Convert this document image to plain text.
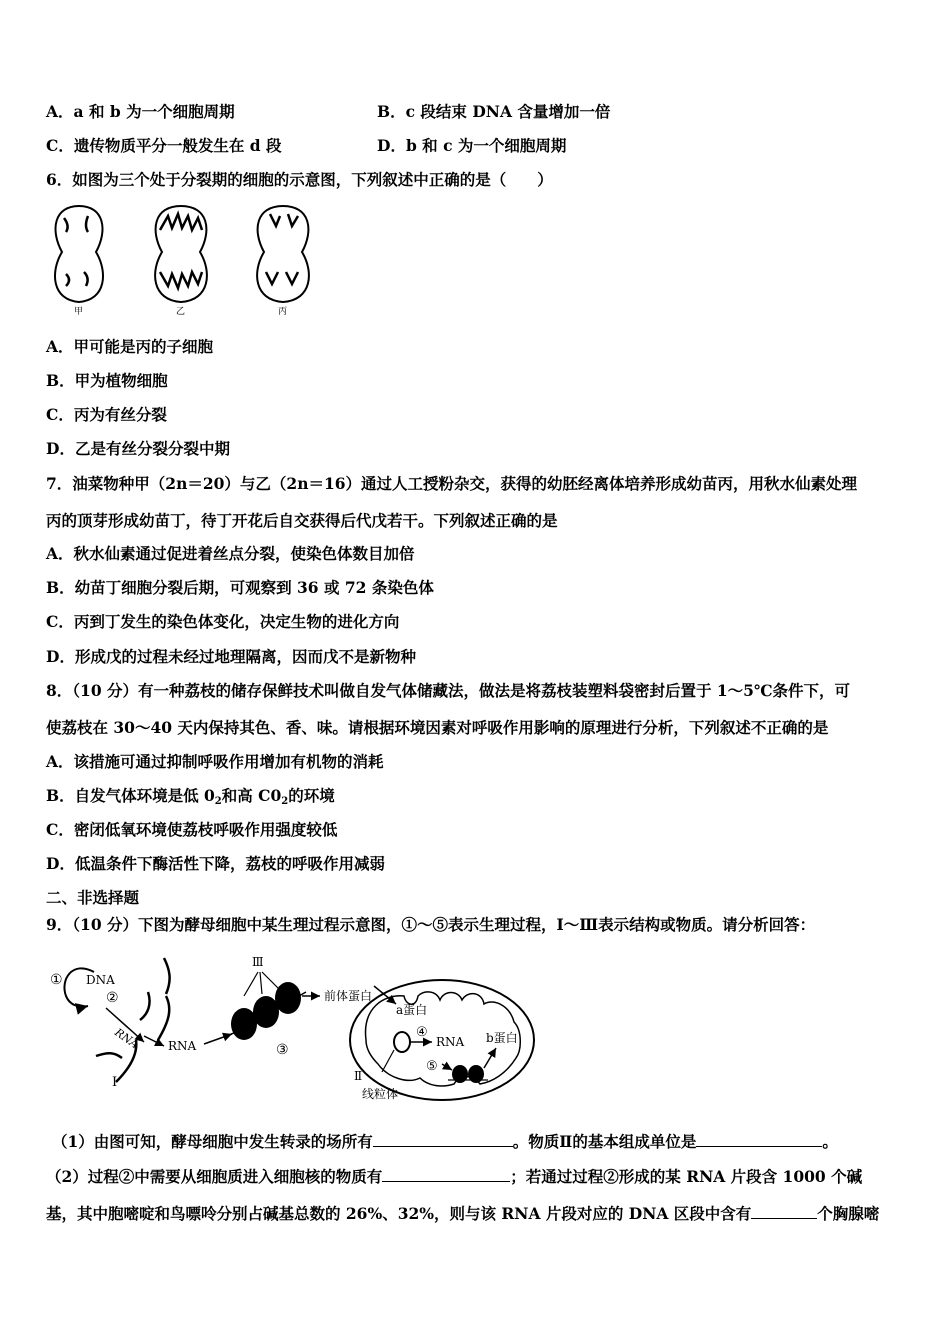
A．a 和 b 为一个细胞周期	B．c 段结束 DNA 含量增加一倍
C．遗传物质平分一般发生在 d 段	D．b 和 c 为一个细胞周期
6．如图为三个处于分裂期的细胞的示意图，下列叙述中正确的是（　　）
甲	乙	丙
A．甲可能是丙的子细胞
B．甲为植物细胞
C．丙为有丝分裂
D．乙是有丝分裂分裂中期
7．油菜物种甲（2n＝20）与乙（2n＝16）通过人工授粉杂交，获得的幼胚经离体培养形成幼苗丙，用秋水仙素处理
丙的顶芽形成幼苗丁，待丁开花后自交获得后代戊若干。下列叙述正确的是
A．秋水仙素通过促进着丝点分裂，使染色体数目加倍
B．幼苗丁细胞分裂后期，可观察到 36 或 72 条染色体
C．丙到丁发生的染色体变化，决定生物的进化方向
D．形成戊的过程未经过地理隔离，因而戊不是新物种
8．（10 分）有一种荔枝的储存保鲜技术叫做自发气体储藏法，做法是将荔枝装塑料袋密封后置于 1～5℃条件下，可
使荔枝在 30～40 天内保持其色、香、味。请根据环境因素对呼吸作用影响的原理进行分析，下列叙述不正确的是
A．该措施可通过抑制呼吸作用增加有机物的消耗
B．自发气体环境是低 $0_2$和高 $C0_2$的环境
C．密闭低氧环境使荔枝呼吸作用强度较低
D．低温条件下酶活性下降，荔枝的呼吸作用减弱
二、非选择题
9．（10 分）下图为酵母细胞中某生理过程示意图，①～⑤表示生理过程，Ⅰ～Ⅲ表示结构或物质。请分析回答：
① DNA
②
RNA
Ⅰ
RNA
Ⅲ
③
前体蛋白
a蛋白
④
RNA
⑤
b蛋白
Ⅱ
线粒体
（1）由图可知，酵母细胞中发生转录的场所有	。物质Ⅱ的基本组成单位是	。
（2）过程②中需要从细胞质进入细胞核的物质有	；若通过过程②形成的某 RNA 片段含 1000 个碱
基，其中胞嘧啶和鸟嘌呤分别占碱基总数的 26%、32%，则与该 RNA 片段对应的 DNA 区段中含有	个胸腺嘧
